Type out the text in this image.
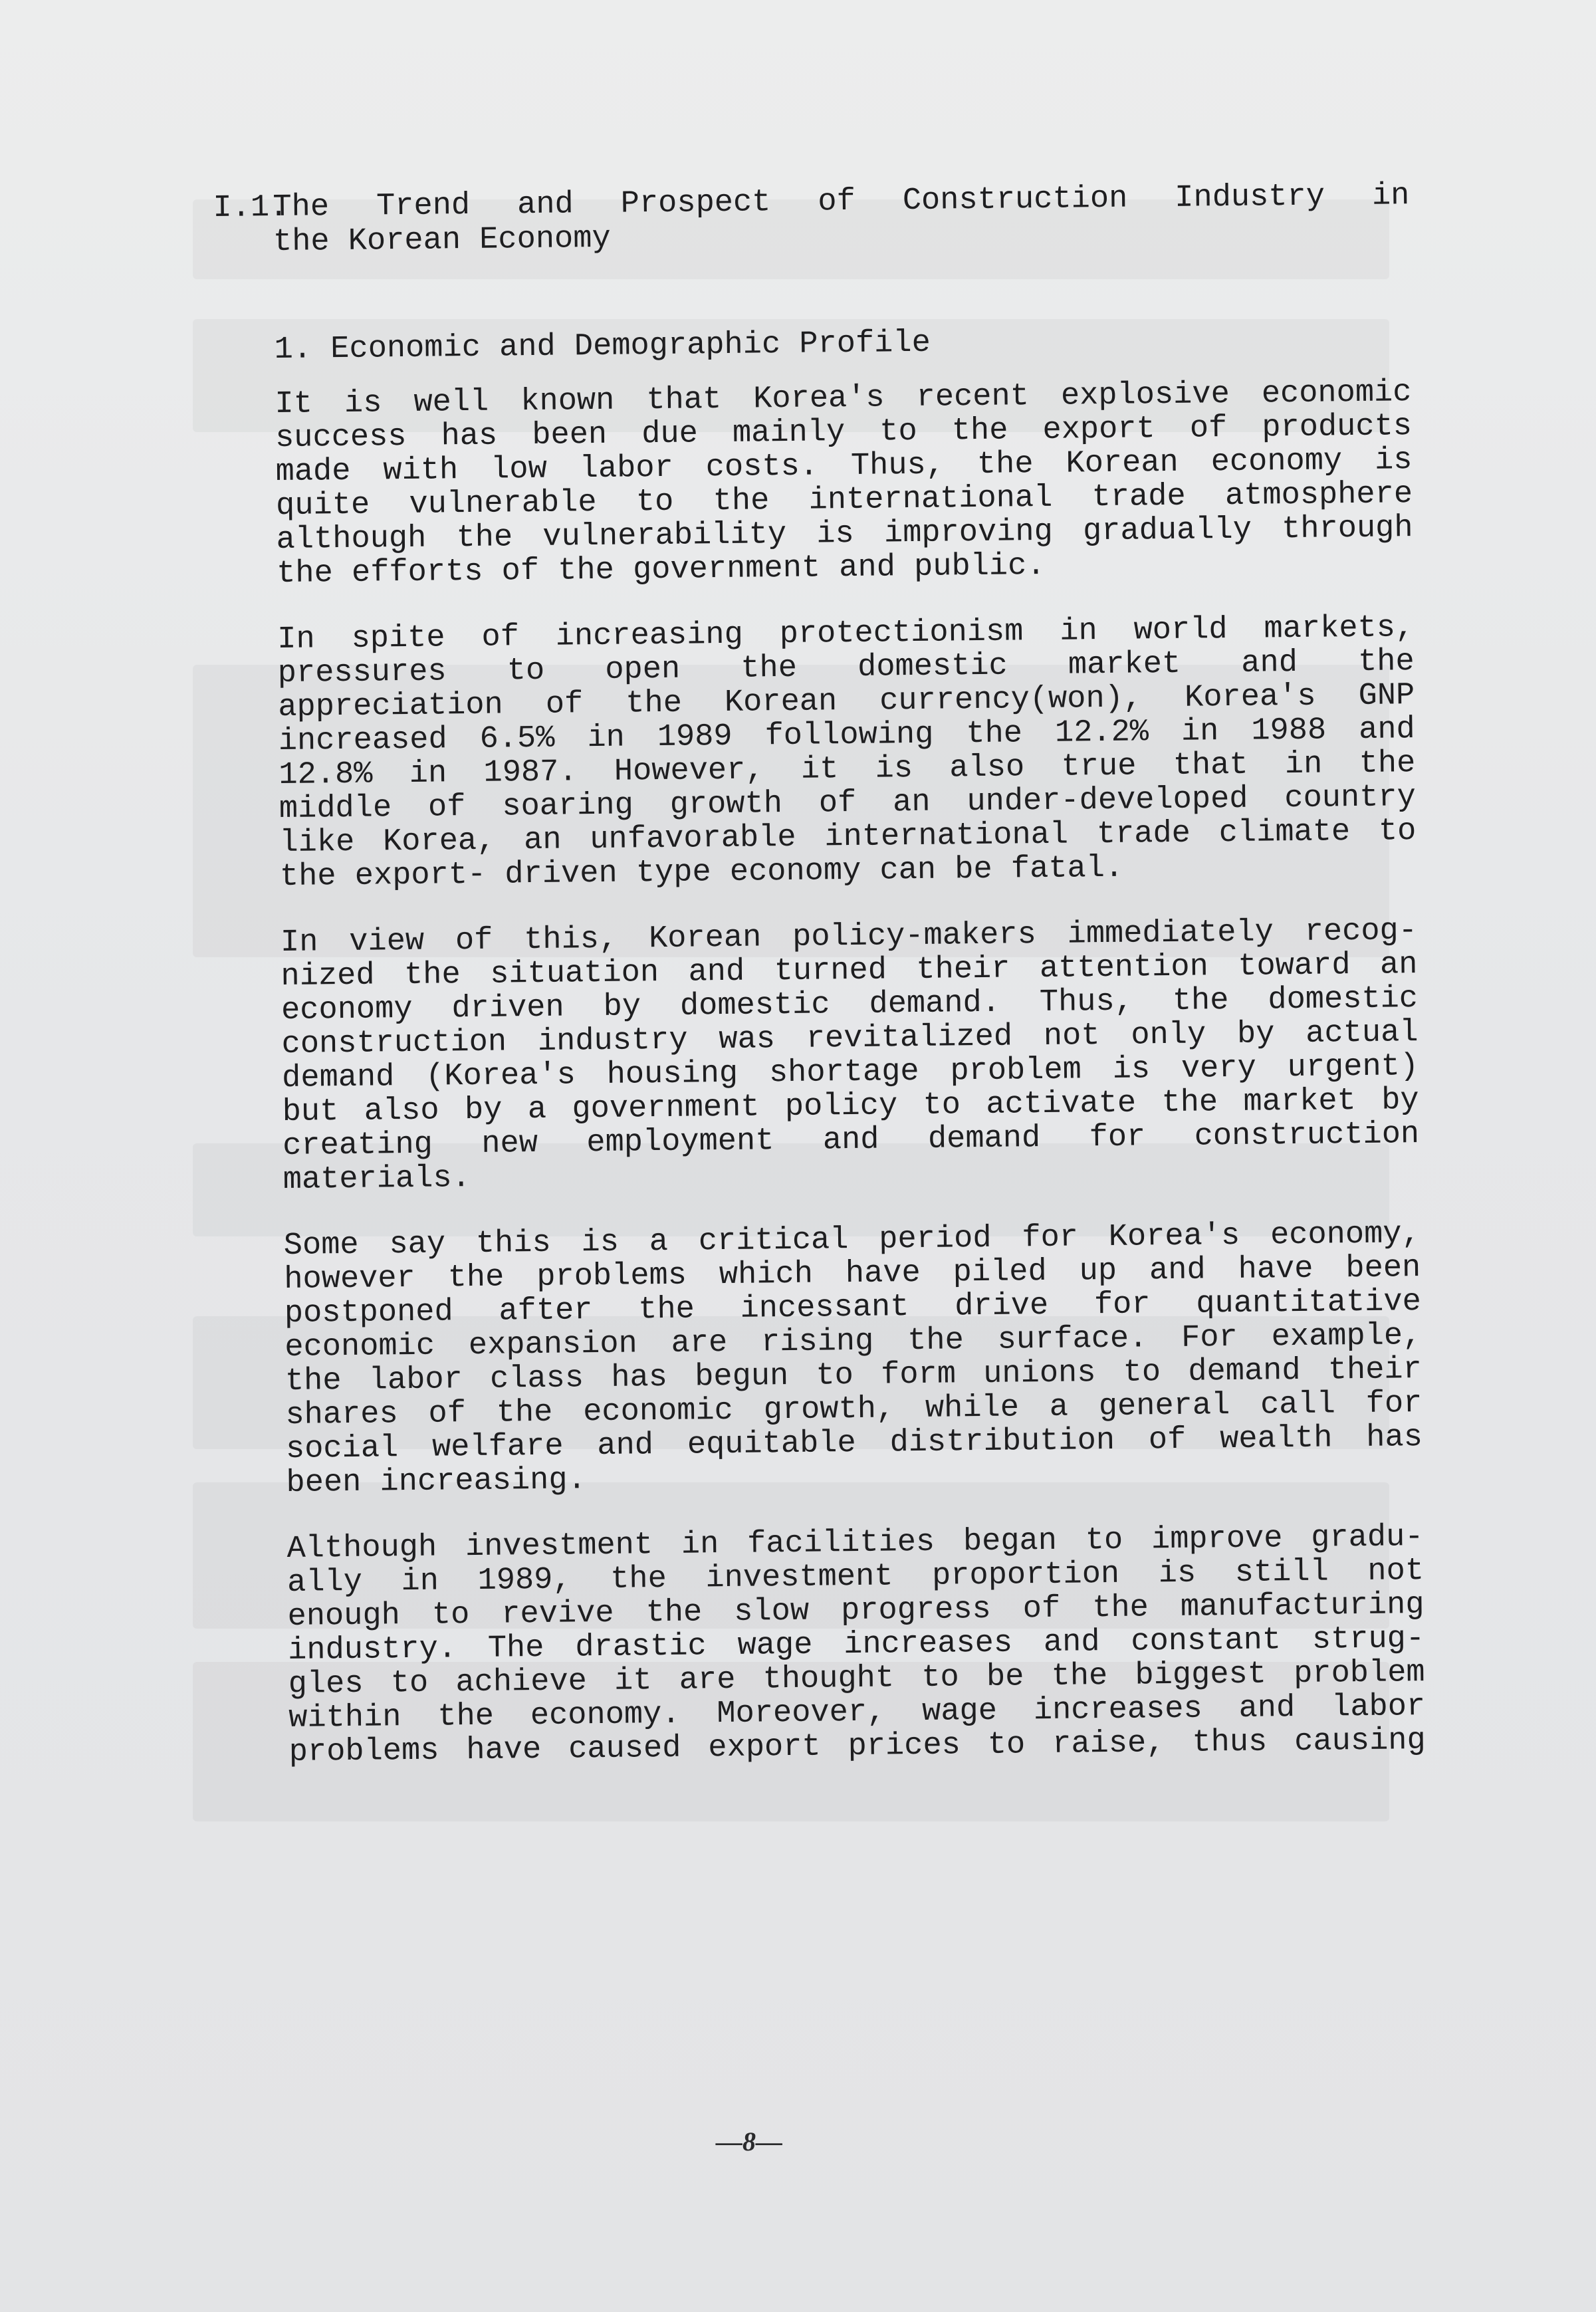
I.1.
The Trend and Prospect of Construction Industry in
the Korean Economy
1. Economic and Demographic Profile
It is well known that Korea's recent explosive economic
success has been due mainly to the export of products
made with low labor costs. Thus, the Korean economy is
quite vulnerable to the international trade atmosphere
although the vulnerability is improving gradually through
the efforts of the government and public.
In spite of increasing protectionism in world markets,
pressures to open the domestic market and the
appreciation of the Korean currency(won), Korea's GNP
increased 6.5% in 1989 following the 12.2% in 1988 and
12.8% in 1987. However, it is also true that in the
middle of soaring growth of an under-developed country
like Korea, an unfavorable international trade climate to
the export- driven type economy can be fatal.
In view of this, Korean policy-makers immediately recog-
nized the situation and turned their attention toward an
economy driven by domestic demand. Thus, the domestic
construction industry was revitalized not only by actual
demand (Korea's housing shortage problem is very urgent)
but also by a government policy to activate the market by
creating new employment and demand for construction
materials.
Some say this is a critical period for Korea's economy,
however the problems which have piled up and have been
postponed after the incessant drive for quantitative
economic expansion are rising the surface. For example,
the labor class has begun to form unions to demand their
shares of the economic growth, while a general call for
social welfare and equitable distribution of wealth has
been increasing.
Although investment in facilities began to improve gradu-
ally in 1989, the investment proportion is still not
enough to revive the slow progress of the manufacturing
industry. The drastic wage increases and constant strug-
gles to achieve it are thought to be the biggest problem
within the economy. Moreover, wage increases and labor
problems have caused export prices to raise, thus causing
—8—
